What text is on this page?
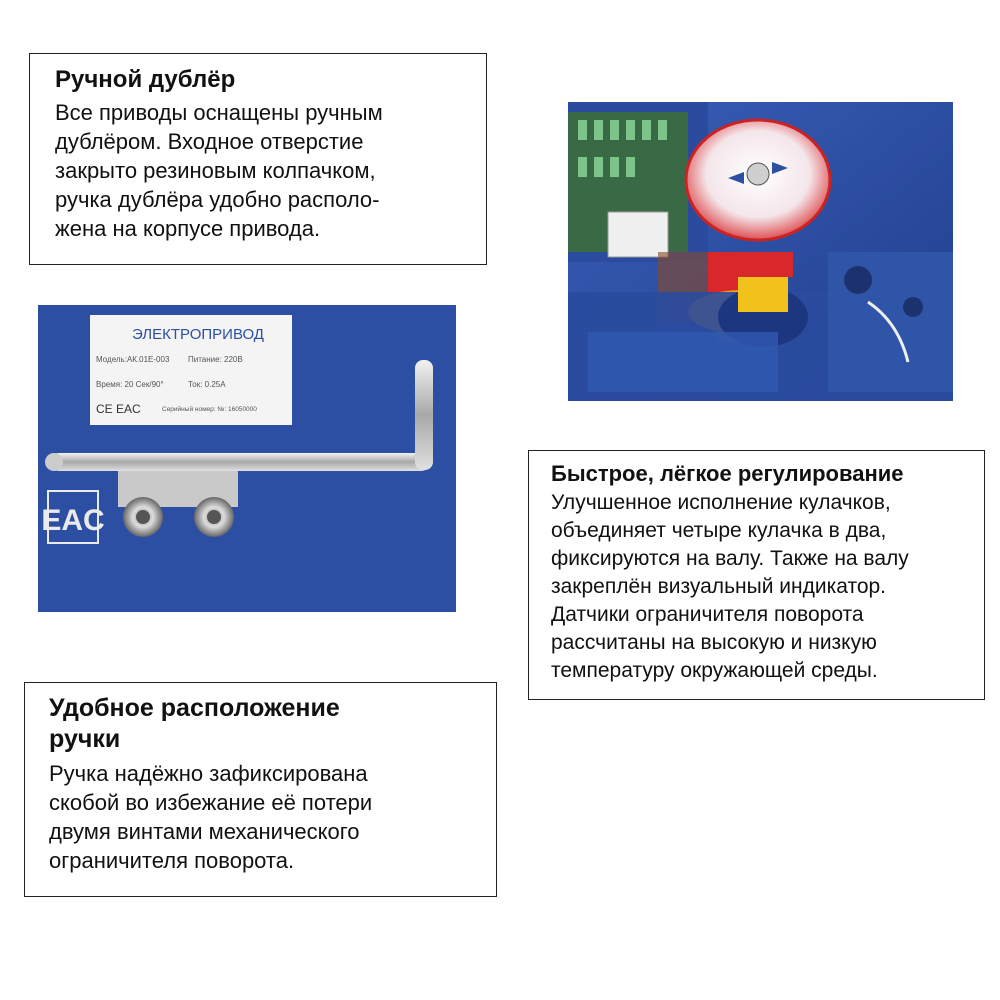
Ручной дублёр

Все приводы оснащены ручным
дублёром. Входное отверстие
закрыто резиновым колпачком,
ручка дублёра удобно располо-
жена на корпусе привода.

ЭЛЕКТРОПРИВОД
Модель:АК.01Е-003 Питание: 220В
Время: 20 Сек/90°	Ток: 0.25А
CE EAC	Серийный номер: №: 16050000
EAC
Быстрое, лёгкое регулирование

Улучшенное исполнение кулачков,
объединяет четыре кулачка в два,
фиксируются на валу. Также на валу
закреплён визуальный индикатор.
Датчики ограничителя поворота
рассчитаны на высокую и низкую
температуру окружающей среды.

Удобное расположение
ручки

Ручка надёжно зафиксирована
скобой во избежание её потери
двумя винтами механического
ограничителя поворота.
